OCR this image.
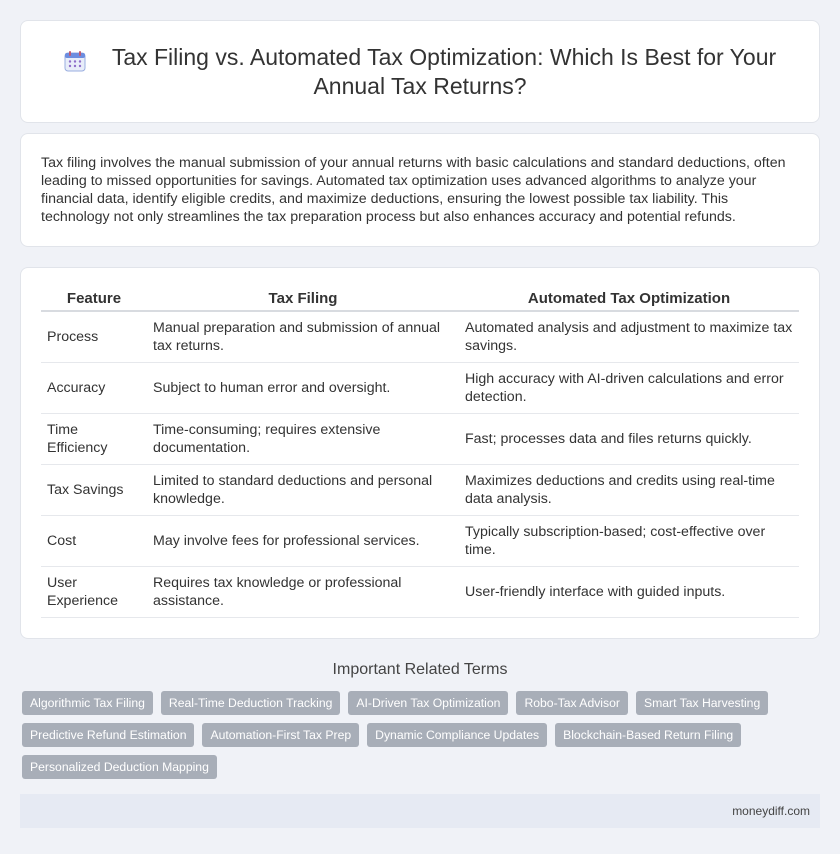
Tax Filing vs. Automated Tax Optimization: Which Is Best for Your Annual Tax Returns?

Tax filing involves the manual submission of your annual returns with basic calculations and standard deductions, often leading to missed opportunities for savings. Automated tax optimization uses advanced algorithms to analyze your financial data, identify eligible credits, and maximize deductions, ensuring the lowest possible tax liability. This technology not only streamlines the tax preparation process but also enhances accuracy and potential refunds.

Feature	Tax Filing	Automated Tax Optimization
Process	Manual preparation and submission of annual tax returns.	Automated analysis and adjustment to maximize tax savings.
Accuracy	Subject to human error and oversight.	High accuracy with AI-driven calculations and error detection.
Time Efficiency	Time-consuming; requires extensive documentation.	Fast; processes data and files returns quickly.
Tax Savings	Limited to standard deductions and personal knowledge.	Maximizes deductions and credits using real-time data analysis.
Cost	May involve fees for professional services.	Typically subscription-based; cost-effective over time.
User Experience	Requires tax knowledge or professional assistance.	User-friendly interface with guided inputs.
Important Related Terms
Algorithmic Tax Filing	Real-Time Deduction Tracking	AI-Driven Tax Optimization	Robo-Tax Advisor	Smart Tax Harvesting
Predictive Refund Estimation	Automation-First Tax Prep	Dynamic Compliance Updates	Blockchain-Based Return Filing
Personalized Deduction Mapping
moneydiff.com
